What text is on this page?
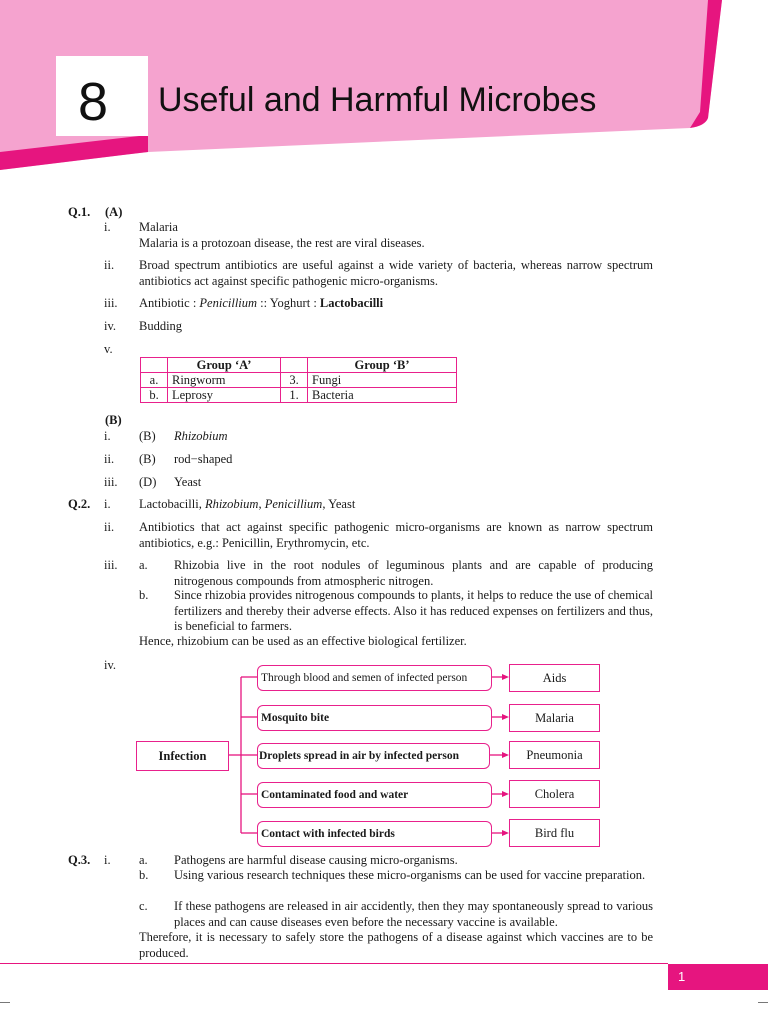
8 Useful and Harmful Microbes
Q.1. (A)
i. Malaria
Malaria is a protozoan disease, the rest are viral diseases.
ii. Broad spectrum antibiotics are useful against a wide variety of bacteria, whereas narrow spectrum antibiotics act against specific pathogenic micro-organisms.
iii. Antibiotic : Penicillium :: Yoghurt : Lactobacilli
iv. Budding
v.
	Group ‘A’		Group ‘B’
a.	Ringworm	3.	Fungi
b.	Leprosy	1.	Bacteria
(B)
i. (B) Rhizobium
ii. (B) rod−shaped
iii. (D) Yeast
Q.2. i. Lactobacilli, Rhizobium, Penicillium, Yeast
ii. Antibiotics that act against specific pathogenic micro-organisms are known as narrow spectrum antibiotics, e.g.: Penicillin, Erythromycin, etc.
iii. a. Rhizobia live in the root nodules of leguminous plants and are capable of producing nitrogenous compounds from atmospheric nitrogen.
b. Since rhizobia provides nitrogenous compounds to plants, it helps to reduce the use of chemical fertilizers and thereby their adverse effects. Also it has reduced expenses on fertilizers and thus, is beneficial to farmers.
Hence, rhizobium can be used as an effective biological fertilizer.
iv.
Infection
Through blood and semen of infected person
Mosquito bite
Droplets spread in air by infected person
Contaminated food and water
Contact with infected birds
Aids
Malaria
Pneumonia
Cholera
Bird flu
Q.3. i. a. Pathogens are harmful disease causing micro-organisms.
b. Using various research techniques these micro-organisms can be used for vaccine preparation.
c. If these pathogens are released in air accidently, then they may spontaneously spread to various places and can cause diseases even before the necessary vaccine is available.
Therefore, it is necessary to safely store the pathogens of a disease against which vaccines are to be produced.
1
